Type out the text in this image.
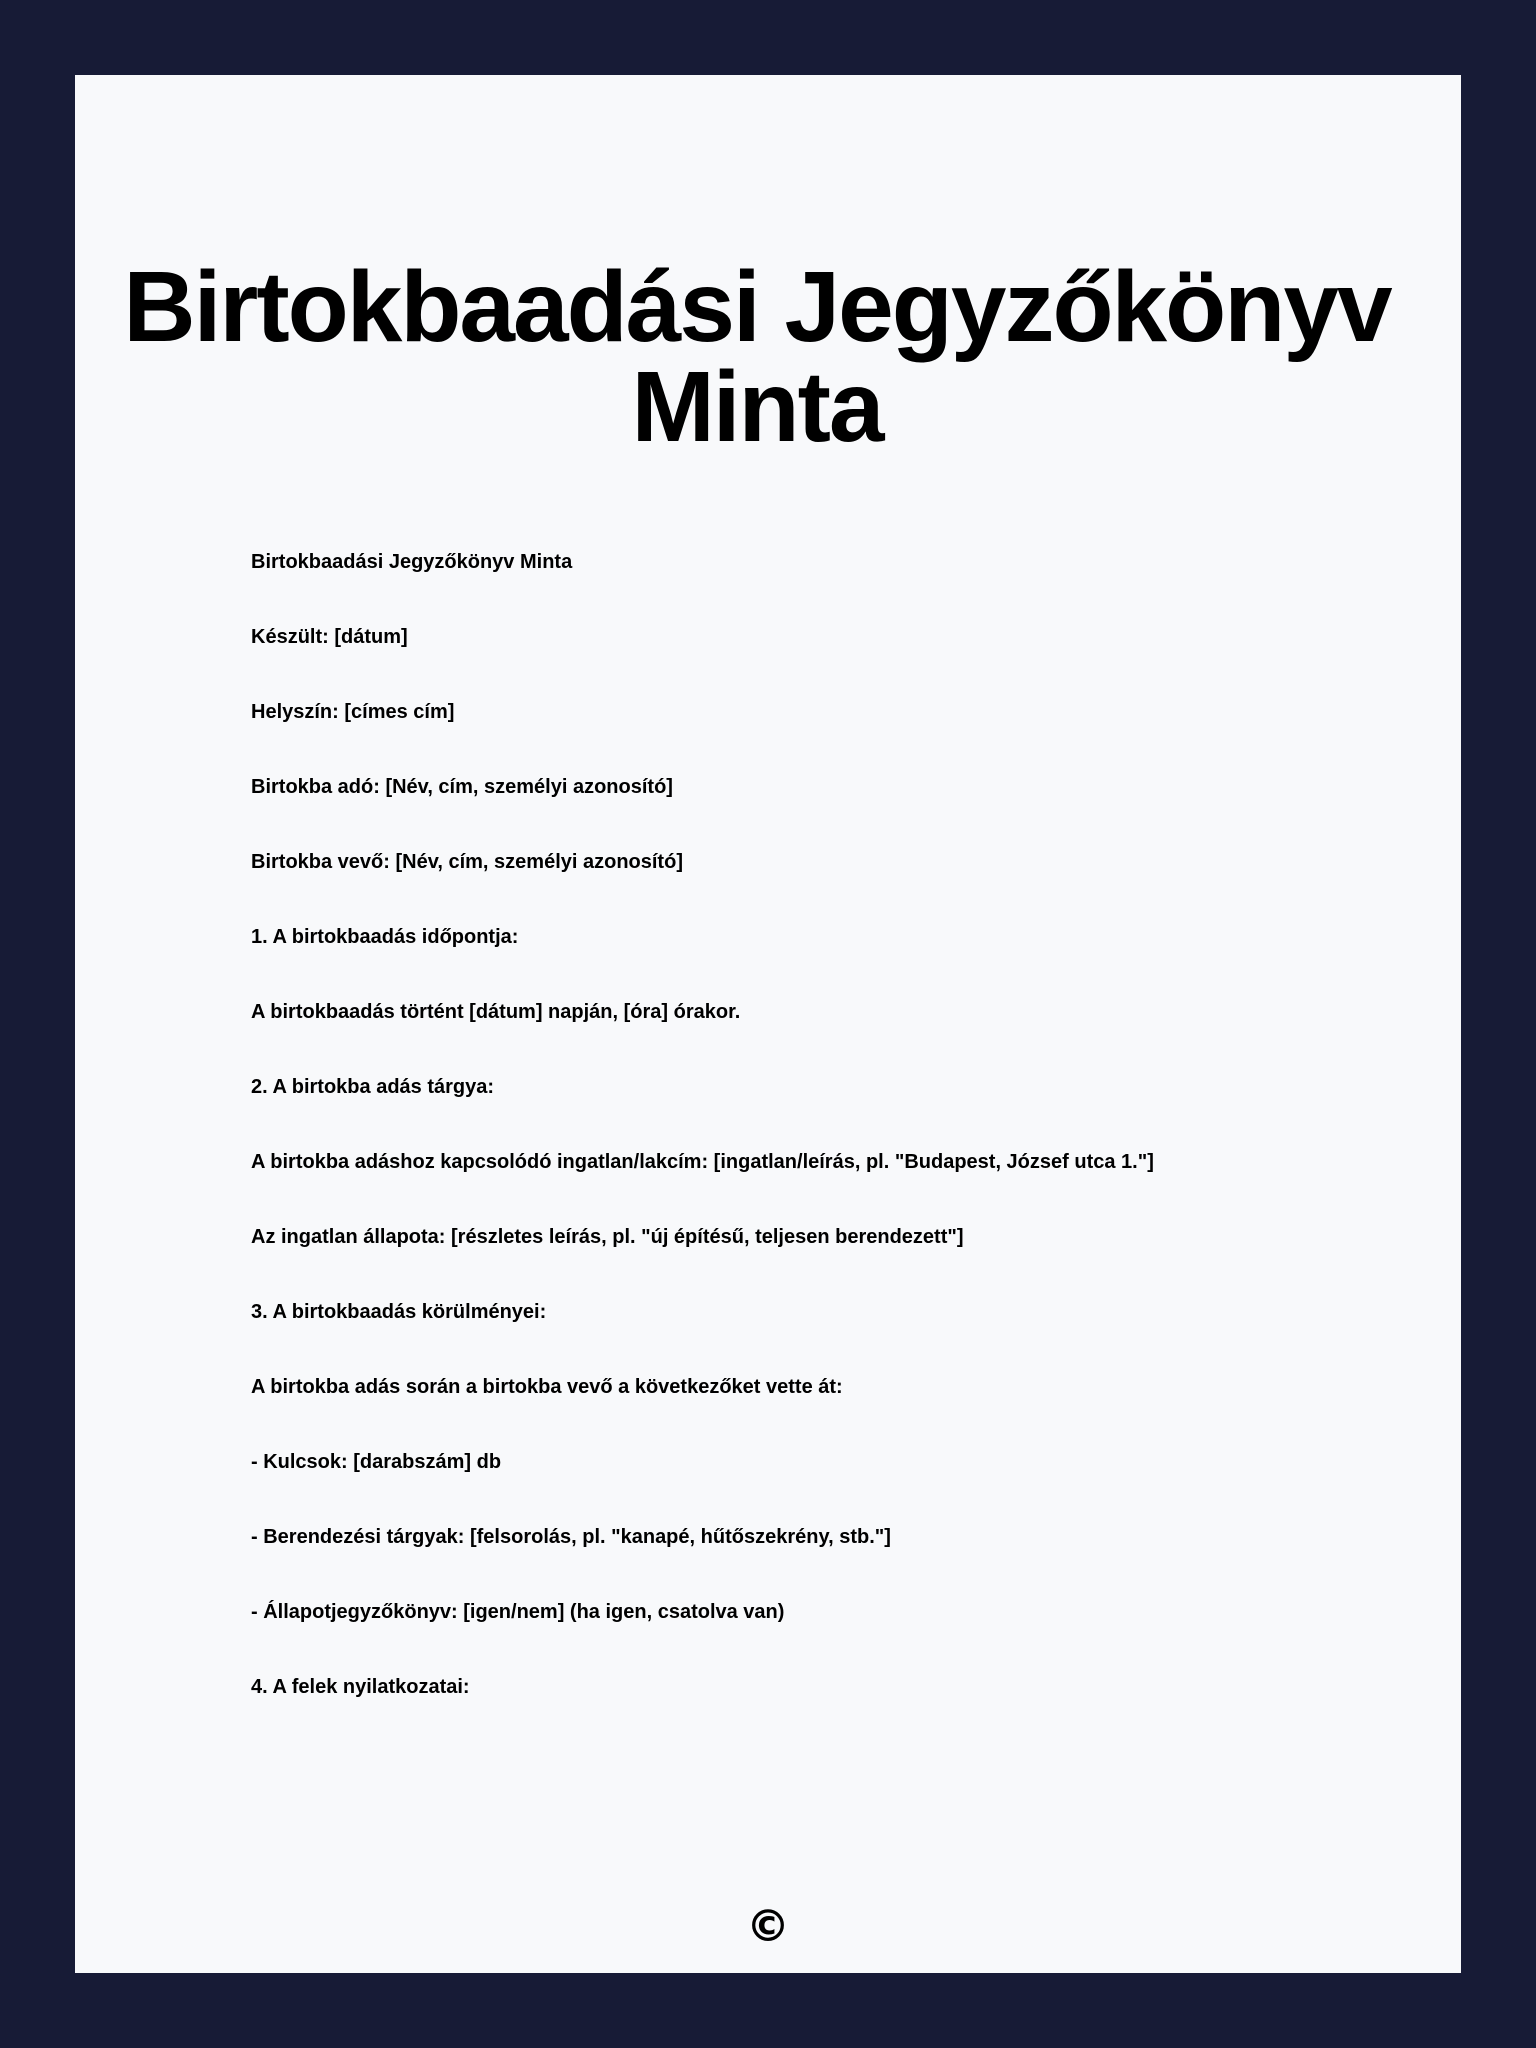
Birtokbaadási Jegyzőkönyv
Minta

Birtokbaadási Jegyzőkönyv Minta

Készült: [dátum]

Helyszín: [címes cím]

Birtokba adó: [Név, cím, személyi azonosító]

Birtokba vevő: [Név, cím, személyi azonosító]

1. A birtokbaadás időpontja:

A birtokbaadás történt [dátum] napján, [óra] órakor.

2. A birtokba adás tárgya:

A birtokba adáshoz kapcsolódó ingatlan/lakcím: [ingatlan/leírás, pl. "Budapest, József utca 1."]

Az ingatlan állapota: [részletes leírás, pl. "új építésű, teljesen berendezett"]

3. A birtokbaadás körülményei:

A birtokba adás során a birtokba vevő a következőket vette át:

- Kulcsok: [darabszám] db

- Berendezési tárgyak: [felsorolás, pl. "kanapé, hűtőszekrény, stb."]

- Állapotjegyzőkönyv: [igen/nem] (ha igen, csatolva van)

4. A felek nyilatkozatai:

©
